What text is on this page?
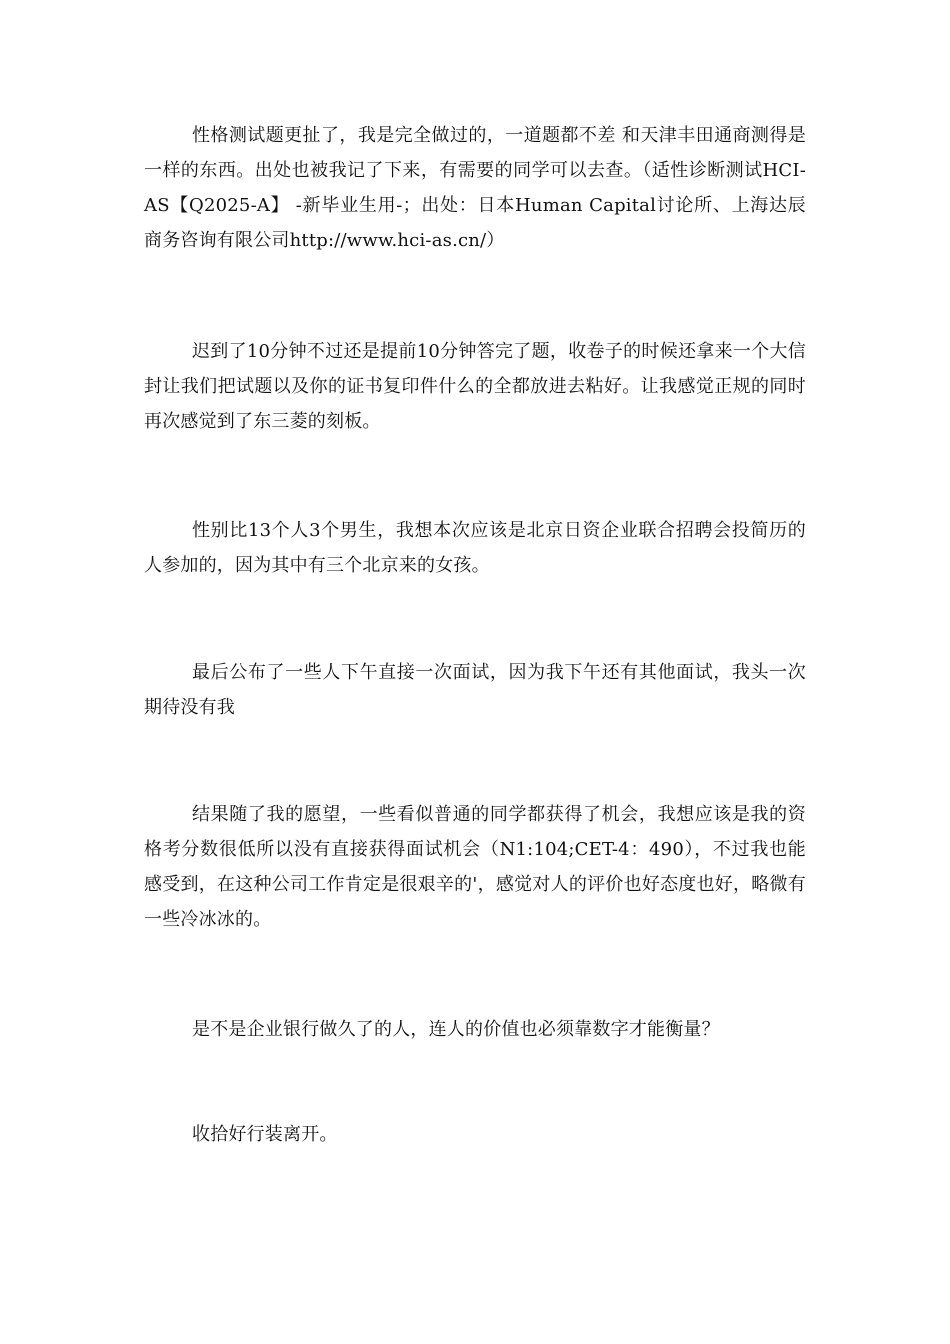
性格测试题更扯了，我是完全做过的，一道题都不差 和天津丰田通商测得是一样的东西。出处也被我记了下来，有需要的同学可以去查。（适性诊断测试HCI-AS【Q2025-A】 -新毕业生用-；出处：日本Human Capital讨论所、上海达辰商务咨询有限公司http://www.hci-as.cn/）

迟到了10分钟不过还是提前10分钟答完了题，收卷子的时候还拿来一个大信封让我们把试题以及你的证书复印件什么的全都放进去粘好。让我感觉正规的同时再次感觉到了东三菱的刻板。

性别比13个人3个男生，我想本次应该是北京日资企业联合招聘会投简历的人参加的，因为其中有三个北京来的女孩。

最后公布了一些人下午直接一次面试，因为我下午还有其他面试，我头一次期待没有我

结果随了我的愿望，一些看似普通的同学都获得了机会，我想应该是我的资格考分数很低所以没有直接获得面试机会（N1:104;CET-4：490），不过我也能感受到，在这种公司工作肯定是很艰辛的'，感觉对人的评价也好态度也好，略微有一些冷冰冰的。

是不是企业银行做久了的人，连人的价值也必须靠数字才能衡量？

收拾好行装离开。
